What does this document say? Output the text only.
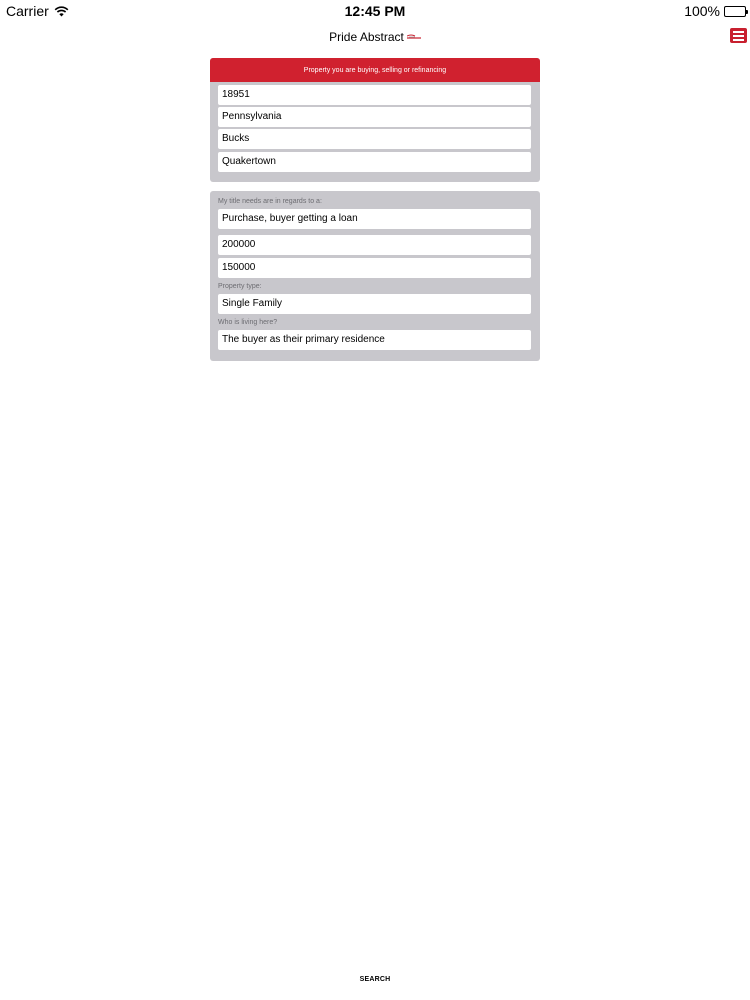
Carrier	12:45 PM	100%
Pride Abstract
Property you are buying, selling or refinancing
18951
Pennsylvania
Bucks
Quakertown
My title needs are in regards to a:
Purchase, buyer getting a loan
200000
150000
Property type:
Single Family
Who is living here?
The buyer as their primary residence
SEARCH
